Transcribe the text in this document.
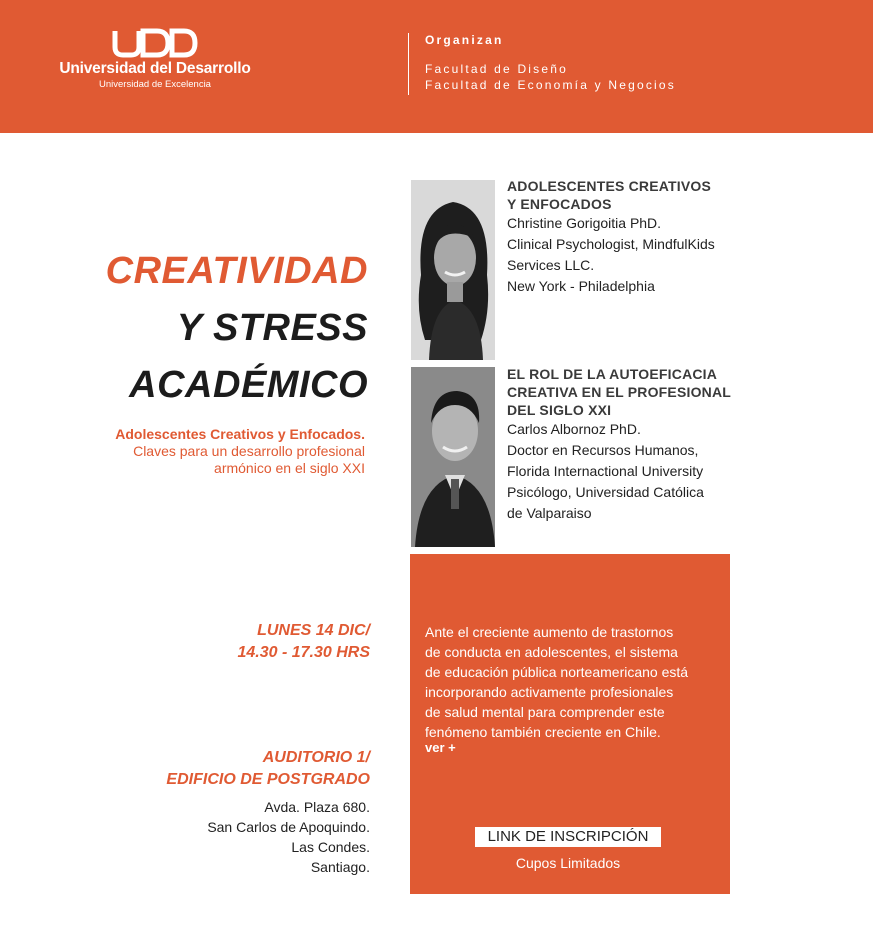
Universidad del Desarrollo
Universidad de Excelencia
Organizan
Facultad de Diseño
Facultad de Economía y Negocios
CREATIVIDAD
Y STRESS
ACADÉMICO
Adolescentes Creativos y Enfocados.
Claves para un desarrollo profesional
armónico en el siglo XXI
ADOLESCENTES CREATIVOS
Y ENFOCADOS
Christine Gorigoitia PhD.
Clinical Psychologist, MindfulKids
Services LLC.
New York - Philadelphia
EL ROL DE LA AUTOEFICACIA
CREATIVA EN EL PROFESIONAL
DEL SIGLO XXI
Carlos Albornoz PhD.
Doctor en Recursos Humanos,
Florida Internactional University
Psicólogo, Universidad Católica
de Valparaiso
Ante el creciente aumento de trastornos
de conducta en adolescentes, el sistema
de educación pública norteamericano está
incorporando activamente profesionales
de salud mental para comprender este
fenómeno también creciente en Chile.
ver +
LINK DE INSCRIPCIÓN
Cupos Limitados
LUNES 14 DIC/
14.30 - 17.30 HRS
AUDITORIO 1/
EDIFICIO DE POSTGRADO
Avda. Plaza 680.
San Carlos de Apoquindo.
Las Condes.
Santiago.
